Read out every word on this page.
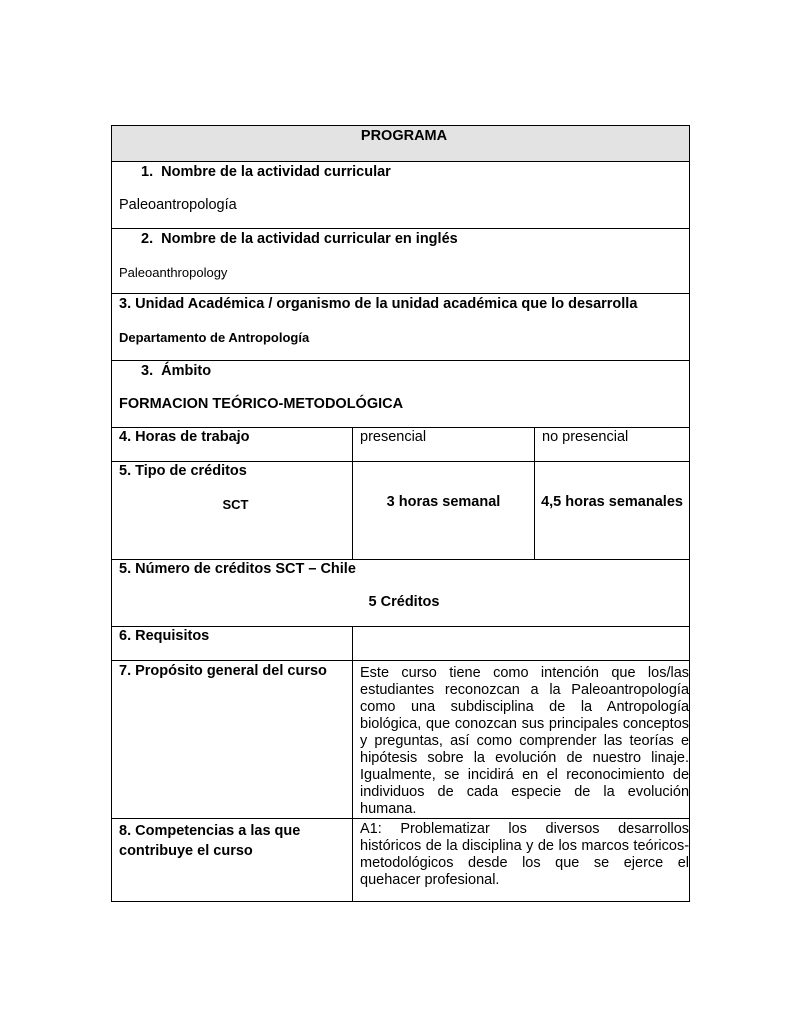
PROGRAMA		

1.  Nombre de la actividad curricular
Paleoantropología		

2.  Nombre de la actividad curricular en inglés
Paleoanthropology		

3. Unidad Académica / organismo de la unidad académica que lo desarrolla
Departamento de Antropología		

3.  Ámbito
FORMACION TEÓRICO-METODOLÓGICA		

4. Horas de trabajo	presencial	no presencial

5. Tipo de créditos
SCT	3 horas semanal	4,5 horas semanales

5. Número de créditos SCT – Chile
5 Créditos		

6. Requisitos		
7. Propósito general del curso	Este curso tiene como intención que los/las estudiantes reconozcan a la Paleoantropología como una subdisciplina de la Antropología biológica, que conozcan sus principales conceptos y preguntas, así como comprender las teorías e hipótesis sobre la evolución de nuestro linaje. Igualmente, se incidirá en el reconocimiento de individuos de cada especie de la evolución humana.	
8. Competencias a las que contribuye el curso	A1: Problematizar los diversos desarrollos históricos de la disciplina y de los marcos teóricos-metodológicos desde los que se ejerce el quehacer profesional.	
